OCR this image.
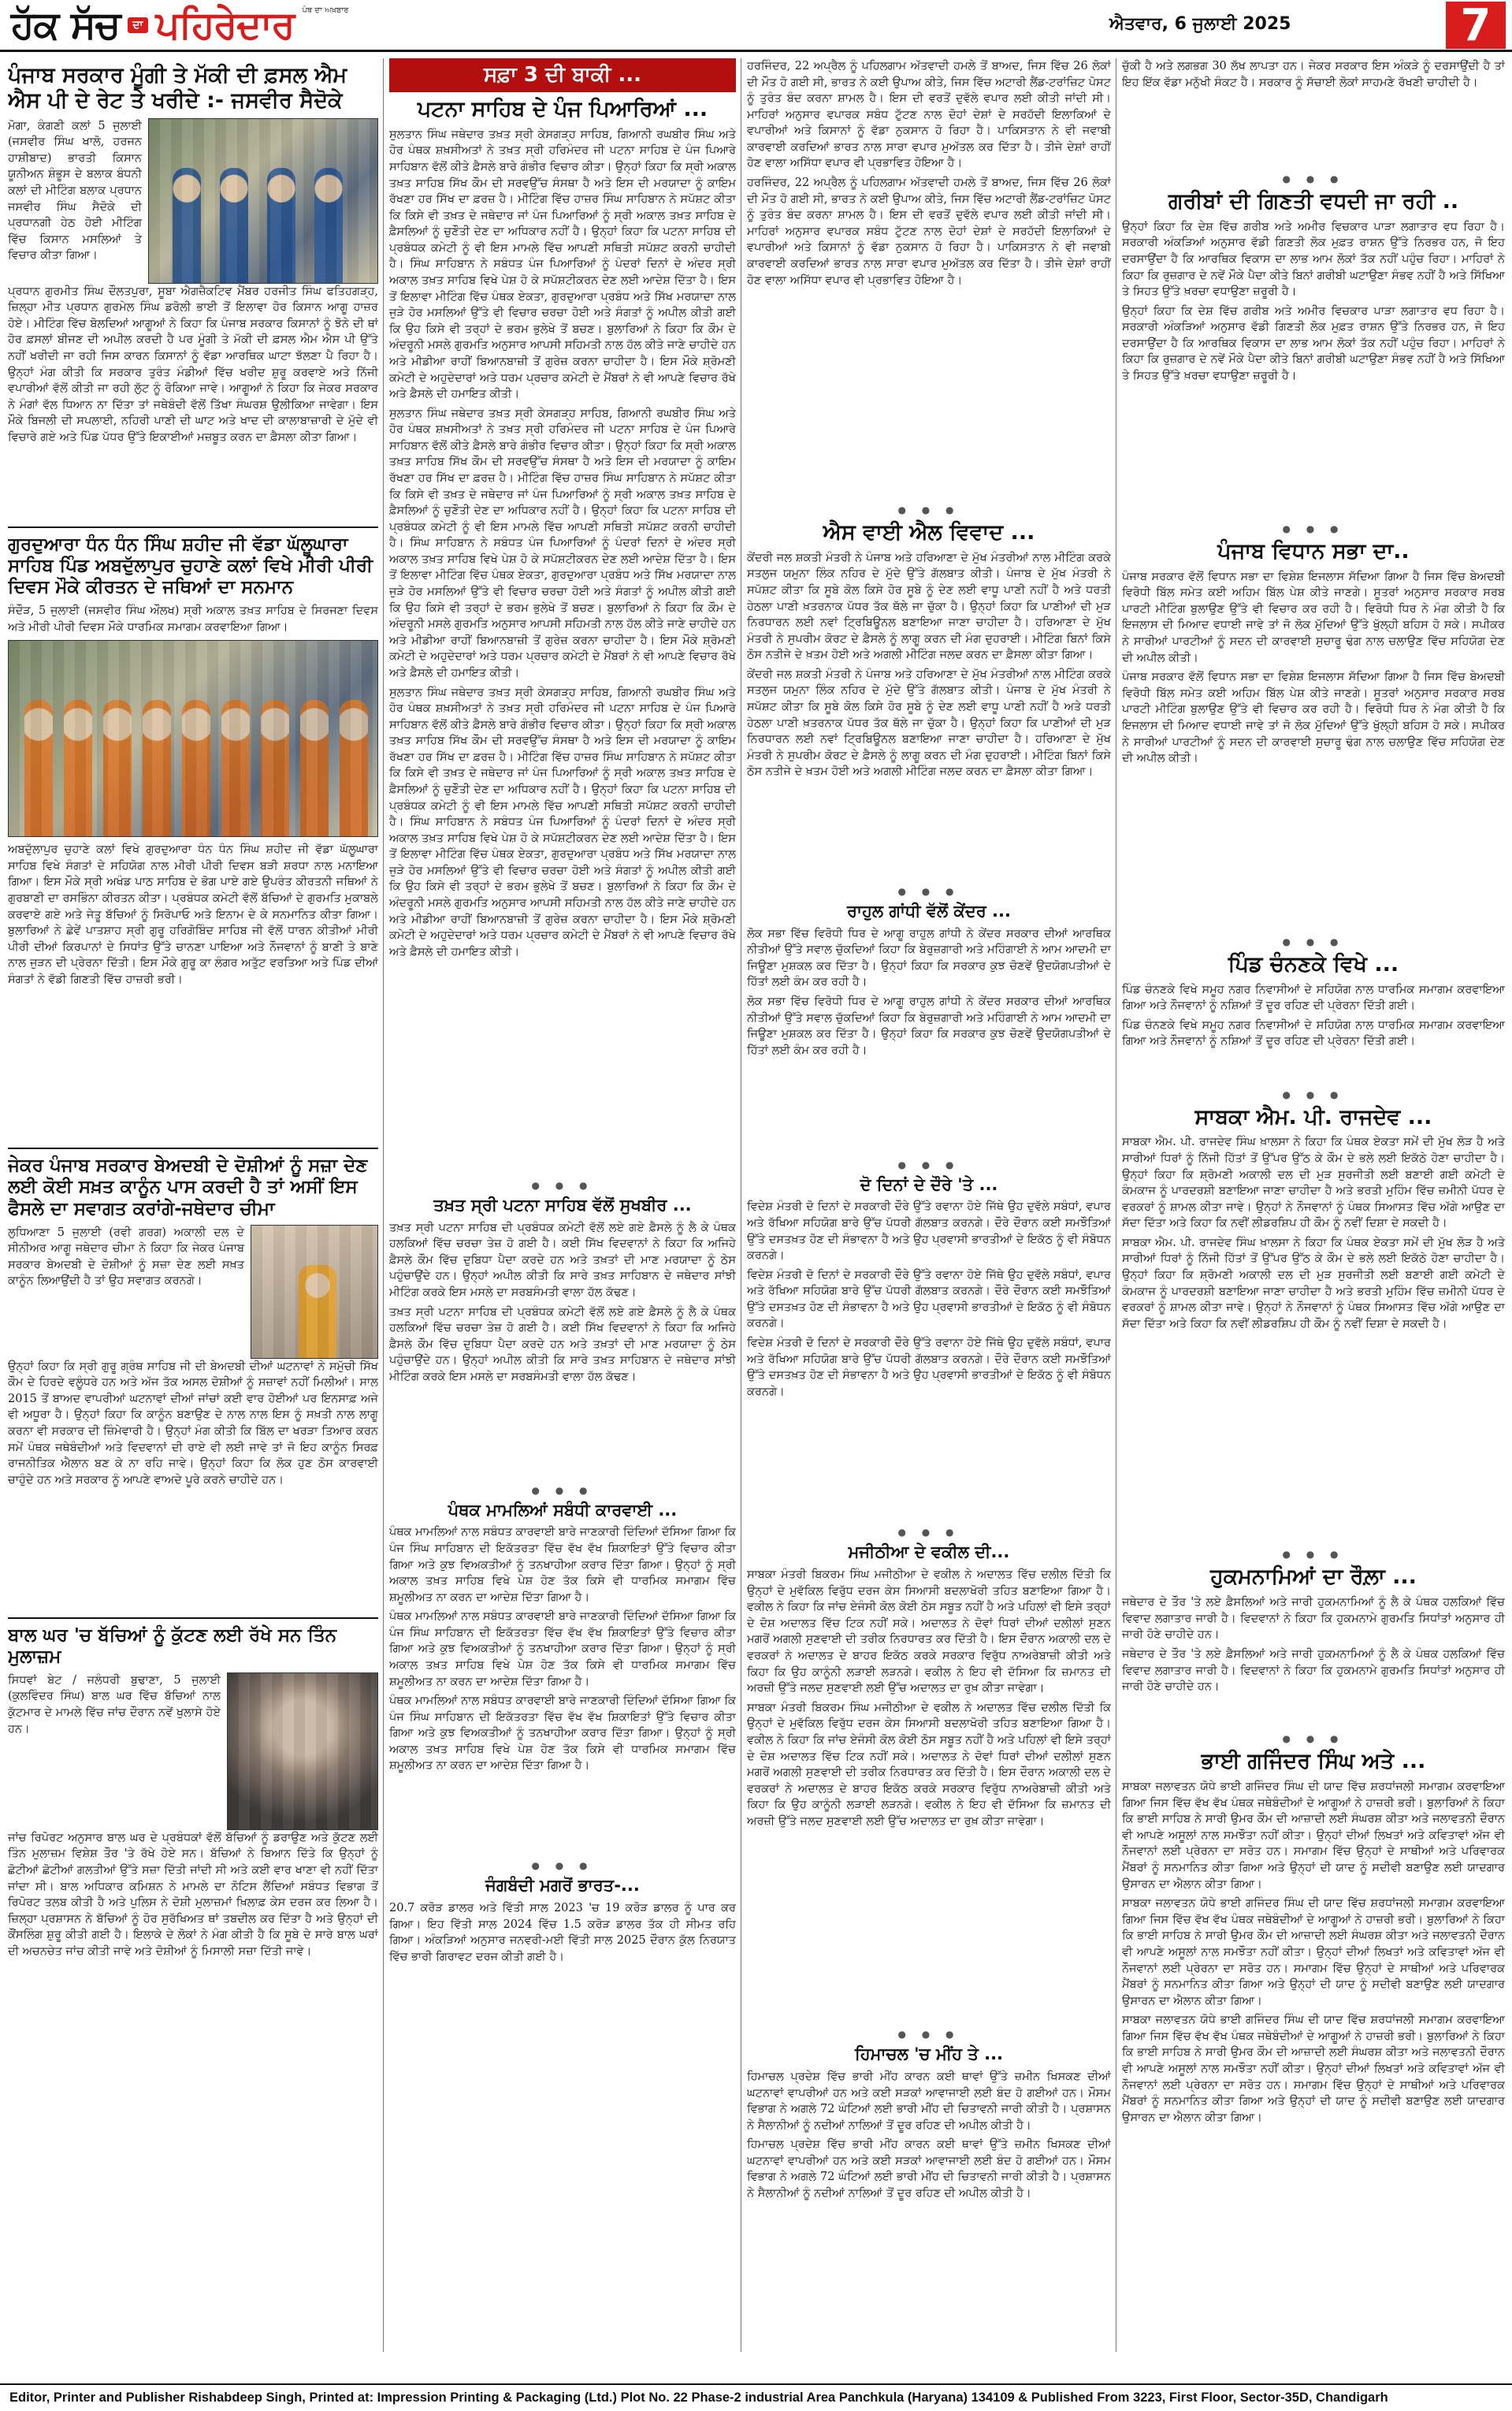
ਹੱਕ ਸੱਚ	ਦਾ ਪਹਿਰੇਦਾਰ ਪੰਥ ਦਾ ਅਖ਼ਬਾਰ
ਐਤਵਾਰ, 6 ਜੁਲਾਈ 2025	7
ਪੰਜਾਬ ਸਰਕਾਰ ਮੂੰਗੀ ਤੇ ਮੱਕੀ ਦੀ ਫ਼ਸਲ ਐਮ ਐਸ ਪੀ ਦੇ ਰੇਟ ਤੇ ਖਰੀਦੇ :- ਜਸਵੀਰ ਸੈਦੋਕੇ

ਮੋਗਾ, ਕੰਗਣੀ ਕਲਾਂ 5 ਜੁਲਾਈ (ਜਸਵੀਰ ਸਿੰਘ ਖਾਲੋ, ਹਰਜਨ ਹਾਸ਼ੀਬਾਦ) ਭਾਰਤੀ ਕਿਸਾਨ ਯੂਨੀਅਨ ਸ਼ੰਭੂਸ ਦੇ ਬਲਾਕ ਬੰਧਨੀ ਕਲਾਂ ਦੀ ਮੀਟਿੰਗ ਬਲਾਕ ਪ੍ਰਧਾਨ ਜਸਵੀਰ ਸਿੰਘ ਸੈਦੋਕੇ ਦੀ ਪ੍ਰਧਾਨਗੀ ਹੇਠ ਹੋਈ ਮੀਟਿੰਗ ਵਿੱਚ ਕਿਸਾਨ ਮਸਲਿਆਂ ਤੇ ਵਿਚਾਰ ਕੀਤਾ ਗਿਆ।

ਪ੍ਰਧਾਨ ਗੁਰਮੀਤ ਸਿੰਘ ਦੌਲਤਪੁਰਾ, ਸੂਬਾ ਐਗਜ਼ੈਕਟਿਵ ਮੈਂਬਰ ਹਰਜੀਤ ਸਿੰਘ ਫਤਿਹਗੜ੍ਹ, ਜ਼ਿਲ੍ਹਾ ਮੀਤ ਪ੍ਰਧਾਨ ਗੁਰਮੇਲ ਸਿੰਘ ਡਰੋਲੀ ਭਾਈ ਤੋਂ ਇਲਾਵਾ ਹੋਰ ਕਿਸਾਨ ਆਗੂ ਹਾਜ਼ਰ ਹੋਏ। ਮੀਟਿੰਗ ਵਿੱਚ ਬੋਲਦਿਆਂ ਆਗੂਆਂ ਨੇ ਕਿਹਾ ਕਿ ਪੰਜਾਬ ਸਰਕਾਰ ਕਿਸਾਨਾਂ ਨੂੰ ਝੋਨੇ ਦੀ ਥਾਂ ਹੋਰ ਫ਼ਸਲਾਂ ਬੀਜਣ ਦੀ ਅਪੀਲ ਕਰਦੀ ਹੈ ਪਰ ਮੂੰਗੀ ਤੇ ਮੱਕੀ ਦੀ ਫ਼ਸਲ ਐਮ ਐਸ ਪੀ ਉੱਤੇ ਨਹੀਂ ਖਰੀਦੀ ਜਾ ਰਹੀ ਜਿਸ ਕਾਰਨ ਕਿਸਾਨਾਂ ਨੂੰ ਵੱਡਾ ਆਰਥਿਕ ਘਾਟਾ ਝੱਲਣਾ ਪੈ ਰਿਹਾ ਹੈ। ਉਨ੍ਹਾਂ ਮੰਗ ਕੀਤੀ ਕਿ ਸਰਕਾਰ ਤੁਰੰਤ ਮੰਡੀਆਂ ਵਿੱਚ ਖਰੀਦ ਸ਼ੁਰੂ ਕਰਵਾਏ ਅਤੇ ਨਿੱਜੀ ਵਪਾਰੀਆਂ ਵੱਲੋਂ ਕੀਤੀ ਜਾ ਰਹੀ ਲੁੱਟ ਨੂੰ ਰੋਕਿਆ ਜਾਵੇ। ਆਗੂਆਂ ਨੇ ਕਿਹਾ ਕਿ ਜੇਕਰ ਸਰਕਾਰ ਨੇ ਮੰਗਾਂ ਵੱਲ ਧਿਆਨ ਨਾ ਦਿੱਤਾ ਤਾਂ ਜਥੇਬੰਦੀ ਵੱਲੋਂ ਤਿੱਖਾ ਸੰਘਰਸ਼ ਉਲੀਕਿਆ ਜਾਵੇਗਾ। ਇਸ ਮੌਕੇ ਬਿਜਲੀ ਦੀ ਸਪਲਾਈ, ਨਹਿਰੀ ਪਾਣੀ ਦੀ ਘਾਟ ਅਤੇ ਖਾਦ ਦੀ ਕਾਲਾਬਾਜ਼ਾਰੀ ਦੇ ਮੁੱਦੇ ਵੀ ਵਿਚਾਰੇ ਗਏ ਅਤੇ ਪਿੰਡ ਪੱਧਰ ਉੱਤੇ ਇਕਾਈਆਂ ਮਜ਼ਬੂਤ ਕਰਨ ਦਾ ਫ਼ੈਸਲਾ ਕੀਤਾ ਗਿਆ।

ਗੁਰਦੁਆਰਾ ਧੰਨ ਧੰਨ ਸਿੰਘ ਸ਼ਹੀਦ ਜੀ ਵੱਡਾ ਘੱਲੂਘਾਰਾ ਸਾਹਿਬ ਪਿੰਡ ਅਬਦੁੱਲਾਪੁਰ ਚੁਹਾਣੇ ਕਲਾਂ ਵਿਖੇ ਮੀਰੀ ਪੀਰੀ ਦਿਵਸ ਮੌਕੇ ਕੀਰਤਨ ਦੇ ਜਥਿਆਂ ਦਾ ਸਨਮਾਨ

ਸੰਦੌੜ, 5 ਜੁਲਾਈ (ਜਸਵੀਰ ਸਿੰਘ ਔਲਖ) ਸ੍ਰੀ ਅਕਾਲ ਤਖ਼ਤ ਸਾਹਿਬ ਦੇ ਸਿਰਜਣਾ ਦਿਵਸ ਅਤੇ ਮੀਰੀ ਪੀਰੀ ਦਿਵਸ ਮੌਕੇ ਧਾਰਮਿਕ ਸਮਾਗਮ ਕਰਵਾਇਆ ਗਿਆ।

ਅਬਦੁੱਲਾਪੁਰ ਚੁਹਾਣੇ ਕਲਾਂ ਵਿਖੇ ਗੁਰਦੁਆਰਾ ਧੰਨ ਧੰਨ ਸਿੰਘ ਸ਼ਹੀਦ ਜੀ ਵੱਡਾ ਘੱਲੂਘਾਰਾ ਸਾਹਿਬ ਵਿਖੇ ਸੰਗਤਾਂ ਦੇ ਸਹਿਯੋਗ ਨਾਲ ਮੀਰੀ ਪੀਰੀ ਦਿਵਸ ਬੜੀ ਸ਼ਰਧਾ ਨਾਲ ਮਨਾਇਆ ਗਿਆ। ਇਸ ਮੌਕੇ ਸ੍ਰੀ ਅਖੰਡ ਪਾਠ ਸਾਹਿਬ ਦੇ ਭੋਗ ਪਾਏ ਗਏ ਉਪਰੰਤ ਕੀਰਤਨੀ ਜਥਿਆਂ ਨੇ ਗੁਰਬਾਣੀ ਦਾ ਰਸਭਿੰਨਾ ਕੀਰਤਨ ਕੀਤਾ। ਪ੍ਰਬੰਧਕ ਕਮੇਟੀ ਵੱਲੋਂ ਬੱਚਿਆਂ ਦੇ ਗੁਰਮਤਿ ਮੁਕਾਬਲੇ ਕਰਵਾਏ ਗਏ ਅਤੇ ਜੇਤੂ ਬੱਚਿਆਂ ਨੂੰ ਸਿਰੋਪਾਓ ਅਤੇ ਇਨਾਮ ਦੇ ਕੇ ਸਨਮਾਨਿਤ ਕੀਤਾ ਗਿਆ। ਬੁਲਾਰਿਆਂ ਨੇ ਛੇਵੇਂ ਪਾਤਸ਼ਾਹ ਸ੍ਰੀ ਗੁਰੂ ਹਰਿਗੋਬਿੰਦ ਸਾਹਿਬ ਜੀ ਵੱਲੋਂ ਧਾਰਨ ਕੀਤੀਆਂ ਮੀਰੀ ਪੀਰੀ ਦੀਆਂ ਕਿਰਪਾਨਾਂ ਦੇ ਸਿਧਾਂਤ ਉੱਤੇ ਚਾਨਣਾ ਪਾਇਆ ਅਤੇ ਨੌਜਵਾਨਾਂ ਨੂੰ ਬਾਣੀ ਤੇ ਬਾਣੇ ਨਾਲ ਜੁੜਨ ਦੀ ਪ੍ਰੇਰਨਾ ਦਿੱਤੀ। ਇਸ ਮੌਕੇ ਗੁਰੂ ਕਾ ਲੰਗਰ ਅਤੁੱਟ ਵਰਤਿਆ ਅਤੇ ਪਿੰਡ ਦੀਆਂ ਸੰਗਤਾਂ ਨੇ ਵੱਡੀ ਗਿਣਤੀ ਵਿੱਚ ਹਾਜ਼ਰੀ ਭਰੀ।

ਜੇਕਰ ਪੰਜਾਬ ਸਰਕਾਰ ਬੇਅਦਬੀ ਦੇ ਦੋਸ਼ੀਆਂ ਨੂੰ ਸਜ਼ਾ ਦੇਣ ਲਈ ਕੋਈ ਸਖ਼ਤ ਕਾਨੂੰਨ ਪਾਸ ਕਰਦੀ ਹੈ ਤਾਂ ਅਸੀਂ ਇਸ ਫੈਸਲੇ ਦਾ ਸਵਾਗਤ ਕਰਾਂਗੇ-ਜਥੇਦਾਰ ਚੀਮਾ

ਲੁਧਿਆਣਾ 5 ਜੁਲਾਈ (ਰਵੀ ਗਰਗ) ਅਕਾਲੀ ਦਲ ਦੇ ਸੀਨੀਅਰ ਆਗੂ ਜਥੇਦਾਰ ਚੀਮਾ ਨੇ ਕਿਹਾ ਕਿ ਜੇਕਰ ਪੰਜਾਬ ਸਰਕਾਰ ਬੇਅਦਬੀ ਦੇ ਦੋਸ਼ੀਆਂ ਨੂੰ ਸਜ਼ਾ ਦੇਣ ਲਈ ਸਖ਼ਤ ਕਾਨੂੰਨ ਲਿਆਉਂਦੀ ਹੈ ਤਾਂ ਉਹ ਸਵਾਗਤ ਕਰਨਗੇ।

ਉਨ੍ਹਾਂ ਕਿਹਾ ਕਿ ਸ੍ਰੀ ਗੁਰੂ ਗ੍ਰੰਥ ਸਾਹਿਬ ਜੀ ਦੀ ਬੇਅਦਬੀ ਦੀਆਂ ਘਟਨਾਵਾਂ ਨੇ ਸਮੁੱਚੀ ਸਿੱਖ ਕੌਮ ਦੇ ਹਿਰਦੇ ਵਲੂੰਧਰੇ ਹਨ ਅਤੇ ਅੱਜ ਤੱਕ ਅਸਲ ਦੋਸ਼ੀਆਂ ਨੂੰ ਸਜ਼ਾਵਾਂ ਨਹੀਂ ਮਿਲੀਆਂ। ਸਾਲ 2015 ਤੋਂ ਬਾਅਦ ਵਾਪਰੀਆਂ ਘਟਨਾਵਾਂ ਦੀਆਂ ਜਾਂਚਾਂ ਕਈ ਵਾਰ ਹੋਈਆਂ ਪਰ ਇਨਸਾਫ਼ ਅਜੇ ਵੀ ਅਧੂਰਾ ਹੈ। ਉਨ੍ਹਾਂ ਕਿਹਾ ਕਿ ਕਾਨੂੰਨ ਬਣਾਉਣ ਦੇ ਨਾਲ ਨਾਲ ਇਸ ਨੂੰ ਸਖ਼ਤੀ ਨਾਲ ਲਾਗੂ ਕਰਨਾ ਵੀ ਸਰਕਾਰ ਦੀ ਜ਼ਿੰਮੇਵਾਰੀ ਹੈ। ਉਨ੍ਹਾਂ ਮੰਗ ਕੀਤੀ ਕਿ ਬਿੱਲ ਦਾ ਖਰੜਾ ਤਿਆਰ ਕਰਨ ਸਮੇਂ ਪੰਥਕ ਜਥੇਬੰਦੀਆਂ ਅਤੇ ਵਿਦਵਾਨਾਂ ਦੀ ਰਾਏ ਵੀ ਲਈ ਜਾਵੇ ਤਾਂ ਜੋ ਇਹ ਕਾਨੂੰਨ ਸਿਰਫ਼ ਰਾਜਨੀਤਿਕ ਐਲਾਨ ਬਣ ਕੇ ਨਾ ਰਹਿ ਜਾਵੇ। ਉਨ੍ਹਾਂ ਕਿਹਾ ਕਿ ਲੋਕ ਹੁਣ ਠੋਸ ਕਾਰਵਾਈ ਚਾਹੁੰਦੇ ਹਨ ਅਤੇ ਸਰਕਾਰ ਨੂੰ ਆਪਣੇ ਵਾਅਦੇ ਪੂਰੇ ਕਰਨੇ ਚਾਹੀਦੇ ਹਨ।

ਬਾਲ ਘਰ 'ਚ ਬੱਚਿਆਂ ਨੂੰ ਕੁੱਟਣ ਲਈ ਰੱਖੇ ਸਨ ਤਿੰਨ ਮੁਲਾਜ਼ਮ

ਸਿਧਵਾਂ ਬੇਟ / ਜਲੰਧਰੀ ਬੁਢਾਣਾ, 5 ਜੁਲਾਈ (ਕੁਲਵਿੰਦਰ ਸਿੰਘ) ਬਾਲ ਘਰ ਵਿੱਚ ਬੱਚਿਆਂ ਨਾਲ ਕੁੱਟਮਾਰ ਦੇ ਮਾਮਲੇ ਵਿੱਚ ਜਾਂਚ ਦੌਰਾਨ ਨਵੇਂ ਖੁਲਾਸੇ ਹੋਏ ਹਨ।

ਜਾਂਚ ਰਿਪੋਰਟ ਅਨੁਸਾਰ ਬਾਲ ਘਰ ਦੇ ਪ੍ਰਬੰਧਕਾਂ ਵੱਲੋਂ ਬੱਚਿਆਂ ਨੂੰ ਡਰਾਉਣ ਅਤੇ ਕੁੱਟਣ ਲਈ ਤਿੰਨ ਮੁਲਾਜ਼ਮ ਵਿਸ਼ੇਸ਼ ਤੌਰ 'ਤੇ ਰੱਖੇ ਹੋਏ ਸਨ। ਬੱਚਿਆਂ ਨੇ ਬਿਆਨ ਦਿੱਤੇ ਕਿ ਉਨ੍ਹਾਂ ਨੂੰ ਛੋਟੀਆਂ ਛੋਟੀਆਂ ਗਲਤੀਆਂ ਉੱਤੇ ਸਜ਼ਾ ਦਿੱਤੀ ਜਾਂਦੀ ਸੀ ਅਤੇ ਕਈ ਵਾਰ ਖਾਣਾ ਵੀ ਨਹੀਂ ਦਿੱਤਾ ਜਾਂਦਾ ਸੀ। ਬਾਲ ਅਧਿਕਾਰ ਕਮਿਸ਼ਨ ਨੇ ਮਾਮਲੇ ਦਾ ਨੋਟਿਸ ਲੈਂਦਿਆਂ ਸਬੰਧਤ ਵਿਭਾਗ ਤੋਂ ਰਿਪੋਰਟ ਤਲਬ ਕੀਤੀ ਹੈ ਅਤੇ ਪੁਲਿਸ ਨੇ ਦੋਸ਼ੀ ਮੁਲਾਜ਼ਮਾਂ ਖ਼ਿਲਾਫ਼ ਕੇਸ ਦਰਜ ਕਰ ਲਿਆ ਹੈ। ਜ਼ਿਲ੍ਹਾ ਪ੍ਰਸ਼ਾਸਨ ਨੇ ਬੱਚਿਆਂ ਨੂੰ ਹੋਰ ਸੁਰੱਖਿਅਤ ਥਾਂ ਤਬਦੀਲ ਕਰ ਦਿੱਤਾ ਹੈ ਅਤੇ ਉਨ੍ਹਾਂ ਦੀ ਕੌਂਸਲਿੰਗ ਸ਼ੁਰੂ ਕੀਤੀ ਗਈ ਹੈ। ਇਲਾਕੇ ਦੇ ਲੋਕਾਂ ਨੇ ਮੰਗ ਕੀਤੀ ਹੈ ਕਿ ਸੂਬੇ ਦੇ ਸਾਰੇ ਬਾਲ ਘਰਾਂ ਦੀ ਅਚਨਚੇਤ ਜਾਂਚ ਕੀਤੀ ਜਾਵੇ ਅਤੇ ਦੋਸ਼ੀਆਂ ਨੂੰ ਮਿਸਾਲੀ ਸਜ਼ਾ ਦਿੱਤੀ ਜਾਵੇ।

ਸਫ਼ਾ 3 ਦੀ ਬਾਕੀ ...
ਪਟਨਾ ਸਾਹਿਬ ਦੇ ਪੰਜ ਪਿਆਰਿਆਂ ...

ਸੁਲਤਾਨ ਸਿੰਘ ਜਥੇਦਾਰ ਤਖ਼ਤ ਸ੍ਰੀ ਕੇਸਗੜ੍ਹ ਸਾਹਿਬ, ਗਿਆਨੀ ਰਘਬੀਰ ਸਿੰਘ ਅਤੇ ਹੋਰ ਪੰਥਕ ਸ਼ਖ਼ਸੀਅਤਾਂ ਨੇ ਤਖ਼ਤ ਸ੍ਰੀ ਹਰਿਮੰਦਰ ਜੀ ਪਟਨਾ ਸਾਹਿਬ ਦੇ ਪੰਜ ਪਿਆਰੇ ਸਾਹਿਬਾਨ ਵੱਲੋਂ ਕੀਤੇ ਫ਼ੈਸਲੇ ਬਾਰੇ ਗੰਭੀਰ ਵਿਚਾਰ ਕੀਤਾ। ਉਨ੍ਹਾਂ ਕਿਹਾ ਕਿ ਸ੍ਰੀ ਅਕਾਲ ਤਖ਼ਤ ਸਾਹਿਬ ਸਿੱਖ ਕੌਮ ਦੀ ਸਰਵਉੱਚ ਸੰਸਥਾ ਹੈ ਅਤੇ ਇਸ ਦੀ ਮਰਯਾਦਾ ਨੂੰ ਕਾਇਮ ਰੱਖਣਾ ਹਰ ਸਿੱਖ ਦਾ ਫ਼ਰਜ਼ ਹੈ। ਮੀਟਿੰਗ ਵਿੱਚ ਹਾਜ਼ਰ ਸਿੰਘ ਸਾਹਿਬਾਨ ਨੇ ਸਪੱਸ਼ਟ ਕੀਤਾ ਕਿ ਕਿਸੇ ਵੀ ਤਖ਼ਤ ਦੇ ਜਥੇਦਾਰ ਜਾਂ ਪੰਜ ਪਿਆਰਿਆਂ ਨੂੰ ਸ੍ਰੀ ਅਕਾਲ ਤਖ਼ਤ ਸਾਹਿਬ ਦੇ ਫ਼ੈਸਲਿਆਂ ਨੂੰ ਚੁਣੌਤੀ ਦੇਣ ਦਾ ਅਧਿਕਾਰ ਨਹੀਂ ਹੈ। ਉਨ੍ਹਾਂ ਕਿਹਾ ਕਿ ਪਟਨਾ ਸਾਹਿਬ ਦੀ ਪ੍ਰਬੰਧਕ ਕਮੇਟੀ ਨੂੰ ਵੀ ਇਸ ਮਾਮਲੇ ਵਿੱਚ ਆਪਣੀ ਸਥਿਤੀ ਸਪੱਸ਼ਟ ਕਰਨੀ ਚਾਹੀਦੀ ਹੈ। ਸਿੰਘ ਸਾਹਿਬਾਨ ਨੇ ਸਬੰਧਤ ਪੰਜ ਪਿਆਰਿਆਂ ਨੂੰ ਪੰਦਰਾਂ ਦਿਨਾਂ ਦੇ ਅੰਦਰ ਸ੍ਰੀ ਅਕਾਲ ਤਖ਼ਤ ਸਾਹਿਬ ਵਿਖੇ ਪੇਸ਼ ਹੋ ਕੇ ਸਪੱਸ਼ਟੀਕਰਨ ਦੇਣ ਲਈ ਆਦੇਸ਼ ਦਿੱਤਾ ਹੈ। ਇਸ ਤੋਂ ਇਲਾਵਾ ਮੀਟਿੰਗ ਵਿੱਚ ਪੰਥਕ ਏਕਤਾ, ਗੁਰਦੁਆਰਾ ਪ੍ਰਬੰਧ ਅਤੇ ਸਿੱਖ ਮਰਯਾਦਾ ਨਾਲ ਜੁੜੇ ਹੋਰ ਮਸਲਿਆਂ ਉੱਤੇ ਵੀ ਵਿਚਾਰ ਚਰਚਾ ਹੋਈ ਅਤੇ ਸੰਗਤਾਂ ਨੂੰ ਅਪੀਲ ਕੀਤੀ ਗਈ ਕਿ ਉਹ ਕਿਸੇ ਵੀ ਤਰ੍ਹਾਂ ਦੇ ਭਰਮ ਭੁਲੇਖੇ ਤੋਂ ਬਚਣ। ਬੁਲਾਰਿਆਂ ਨੇ ਕਿਹਾ ਕਿ ਕੌਮ ਦੇ ਅੰਦਰੂਨੀ ਮਸਲੇ ਗੁਰਮਤਿ ਅਨੁਸਾਰ ਆਪਸੀ ਸਹਿਮਤੀ ਨਾਲ ਹੱਲ ਕੀਤੇ ਜਾਣੇ ਚਾਹੀਦੇ ਹਨ ਅਤੇ ਮੀਡੀਆ ਰਾਹੀਂ ਬਿਆਨਬਾਜ਼ੀ ਤੋਂ ਗੁਰੇਜ਼ ਕਰਨਾ ਚਾਹੀਦਾ ਹੈ। ਇਸ ਮੌਕੇ ਸ਼੍ਰੋਮਣੀ ਕਮੇਟੀ ਦੇ ਅਹੁਦੇਦਾਰਾਂ ਅਤੇ ਧਰਮ ਪ੍ਰਚਾਰ ਕਮੇਟੀ ਦੇ ਮੈਂਬਰਾਂ ਨੇ ਵੀ ਆਪਣੇ ਵਿਚਾਰ ਰੱਖੇ ਅਤੇ ਫ਼ੈਸਲੇ ਦੀ ਹਮਾਇਤ ਕੀਤੀ।

ਸੁਲਤਾਨ ਸਿੰਘ ਜਥੇਦਾਰ ਤਖ਼ਤ ਸ੍ਰੀ ਕੇਸਗੜ੍ਹ ਸਾਹਿਬ, ਗਿਆਨੀ ਰਘਬੀਰ ਸਿੰਘ ਅਤੇ ਹੋਰ ਪੰਥਕ ਸ਼ਖ਼ਸੀਅਤਾਂ ਨੇ ਤਖ਼ਤ ਸ੍ਰੀ ਹਰਿਮੰਦਰ ਜੀ ਪਟਨਾ ਸਾਹਿਬ ਦੇ ਪੰਜ ਪਿਆਰੇ ਸਾਹਿਬਾਨ ਵੱਲੋਂ ਕੀਤੇ ਫ਼ੈਸਲੇ ਬਾਰੇ ਗੰਭੀਰ ਵਿਚਾਰ ਕੀਤਾ। ਉਨ੍ਹਾਂ ਕਿਹਾ ਕਿ ਸ੍ਰੀ ਅਕਾਲ ਤਖ਼ਤ ਸਾਹਿਬ ਸਿੱਖ ਕੌਮ ਦੀ ਸਰਵਉੱਚ ਸੰਸਥਾ ਹੈ ਅਤੇ ਇਸ ਦੀ ਮਰਯਾਦਾ ਨੂੰ ਕਾਇਮ ਰੱਖਣਾ ਹਰ ਸਿੱਖ ਦਾ ਫ਼ਰਜ਼ ਹੈ। ਮੀਟਿੰਗ ਵਿੱਚ ਹਾਜ਼ਰ ਸਿੰਘ ਸਾਹਿਬਾਨ ਨੇ ਸਪੱਸ਼ਟ ਕੀਤਾ ਕਿ ਕਿਸੇ ਵੀ ਤਖ਼ਤ ਦੇ ਜਥੇਦਾਰ ਜਾਂ ਪੰਜ ਪਿਆਰਿਆਂ ਨੂੰ ਸ੍ਰੀ ਅਕਾਲ ਤਖ਼ਤ ਸਾਹਿਬ ਦੇ ਫ਼ੈਸਲਿਆਂ ਨੂੰ ਚੁਣੌਤੀ ਦੇਣ ਦਾ ਅਧਿਕਾਰ ਨਹੀਂ ਹੈ। ਉਨ੍ਹਾਂ ਕਿਹਾ ਕਿ ਪਟਨਾ ਸਾਹਿਬ ਦੀ ਪ੍ਰਬੰਧਕ ਕਮੇਟੀ ਨੂੰ ਵੀ ਇਸ ਮਾਮਲੇ ਵਿੱਚ ਆਪਣੀ ਸਥਿਤੀ ਸਪੱਸ਼ਟ ਕਰਨੀ ਚਾਹੀਦੀ ਹੈ। ਸਿੰਘ ਸਾਹਿਬਾਨ ਨੇ ਸਬੰਧਤ ਪੰਜ ਪਿਆਰਿਆਂ ਨੂੰ ਪੰਦਰਾਂ ਦਿਨਾਂ ਦੇ ਅੰਦਰ ਸ੍ਰੀ ਅਕਾਲ ਤਖ਼ਤ ਸਾਹਿਬ ਵਿਖੇ ਪੇਸ਼ ਹੋ ਕੇ ਸਪੱਸ਼ਟੀਕਰਨ ਦੇਣ ਲਈ ਆਦੇਸ਼ ਦਿੱਤਾ ਹੈ। ਇਸ ਤੋਂ ਇਲਾਵਾ ਮੀਟਿੰਗ ਵਿੱਚ ਪੰਥਕ ਏਕਤਾ, ਗੁਰਦੁਆਰਾ ਪ੍ਰਬੰਧ ਅਤੇ ਸਿੱਖ ਮਰਯਾਦਾ ਨਾਲ ਜੁੜੇ ਹੋਰ ਮਸਲਿਆਂ ਉੱਤੇ ਵੀ ਵਿਚਾਰ ਚਰਚਾ ਹੋਈ ਅਤੇ ਸੰਗਤਾਂ ਨੂੰ ਅਪੀਲ ਕੀਤੀ ਗਈ ਕਿ ਉਹ ਕਿਸੇ ਵੀ ਤਰ੍ਹਾਂ ਦੇ ਭਰਮ ਭੁਲੇਖੇ ਤੋਂ ਬਚਣ। ਬੁਲਾਰਿਆਂ ਨੇ ਕਿਹਾ ਕਿ ਕੌਮ ਦੇ ਅੰਦਰੂਨੀ ਮਸਲੇ ਗੁਰਮਤਿ ਅਨੁਸਾਰ ਆਪਸੀ ਸਹਿਮਤੀ ਨਾਲ ਹੱਲ ਕੀਤੇ ਜਾਣੇ ਚਾਹੀਦੇ ਹਨ ਅਤੇ ਮੀਡੀਆ ਰਾਹੀਂ ਬਿਆਨਬਾਜ਼ੀ ਤੋਂ ਗੁਰੇਜ਼ ਕਰਨਾ ਚਾਹੀਦਾ ਹੈ। ਇਸ ਮੌਕੇ ਸ਼੍ਰੋਮਣੀ ਕਮੇਟੀ ਦੇ ਅਹੁਦੇਦਾਰਾਂ ਅਤੇ ਧਰਮ ਪ੍ਰਚਾਰ ਕਮੇਟੀ ਦੇ ਮੈਂਬਰਾਂ ਨੇ ਵੀ ਆਪਣੇ ਵਿਚਾਰ ਰੱਖੇ ਅਤੇ ਫ਼ੈਸਲੇ ਦੀ ਹਮਾਇਤ ਕੀਤੀ।

ਸੁਲਤਾਨ ਸਿੰਘ ਜਥੇਦਾਰ ਤਖ਼ਤ ਸ੍ਰੀ ਕੇਸਗੜ੍ਹ ਸਾਹਿਬ, ਗਿਆਨੀ ਰਘਬੀਰ ਸਿੰਘ ਅਤੇ ਹੋਰ ਪੰਥਕ ਸ਼ਖ਼ਸੀਅਤਾਂ ਨੇ ਤਖ਼ਤ ਸ੍ਰੀ ਹਰਿਮੰਦਰ ਜੀ ਪਟਨਾ ਸਾਹਿਬ ਦੇ ਪੰਜ ਪਿਆਰੇ ਸਾਹਿਬਾਨ ਵੱਲੋਂ ਕੀਤੇ ਫ਼ੈਸਲੇ ਬਾਰੇ ਗੰਭੀਰ ਵਿਚਾਰ ਕੀਤਾ। ਉਨ੍ਹਾਂ ਕਿਹਾ ਕਿ ਸ੍ਰੀ ਅਕਾਲ ਤਖ਼ਤ ਸਾਹਿਬ ਸਿੱਖ ਕੌਮ ਦੀ ਸਰਵਉੱਚ ਸੰਸਥਾ ਹੈ ਅਤੇ ਇਸ ਦੀ ਮਰਯਾਦਾ ਨੂੰ ਕਾਇਮ ਰੱਖਣਾ ਹਰ ਸਿੱਖ ਦਾ ਫ਼ਰਜ਼ ਹੈ। ਮੀਟਿੰਗ ਵਿੱਚ ਹਾਜ਼ਰ ਸਿੰਘ ਸਾਹਿਬਾਨ ਨੇ ਸਪੱਸ਼ਟ ਕੀਤਾ ਕਿ ਕਿਸੇ ਵੀ ਤਖ਼ਤ ਦੇ ਜਥੇਦਾਰ ਜਾਂ ਪੰਜ ਪਿਆਰਿਆਂ ਨੂੰ ਸ੍ਰੀ ਅਕਾਲ ਤਖ਼ਤ ਸਾਹਿਬ ਦੇ ਫ਼ੈਸਲਿਆਂ ਨੂੰ ਚੁਣੌਤੀ ਦੇਣ ਦਾ ਅਧਿਕਾਰ ਨਹੀਂ ਹੈ। ਉਨ੍ਹਾਂ ਕਿਹਾ ਕਿ ਪਟਨਾ ਸਾਹਿਬ ਦੀ ਪ੍ਰਬੰਧਕ ਕਮੇਟੀ ਨੂੰ ਵੀ ਇਸ ਮਾਮਲੇ ਵਿੱਚ ਆਪਣੀ ਸਥਿਤੀ ਸਪੱਸ਼ਟ ਕਰਨੀ ਚਾਹੀਦੀ ਹੈ। ਸਿੰਘ ਸਾਹਿਬਾਨ ਨੇ ਸਬੰਧਤ ਪੰਜ ਪਿਆਰਿਆਂ ਨੂੰ ਪੰਦਰਾਂ ਦਿਨਾਂ ਦੇ ਅੰਦਰ ਸ੍ਰੀ ਅਕਾਲ ਤਖ਼ਤ ਸਾਹਿਬ ਵਿਖੇ ਪੇਸ਼ ਹੋ ਕੇ ਸਪੱਸ਼ਟੀਕਰਨ ਦੇਣ ਲਈ ਆਦੇਸ਼ ਦਿੱਤਾ ਹੈ। ਇਸ ਤੋਂ ਇਲਾਵਾ ਮੀਟਿੰਗ ਵਿੱਚ ਪੰਥਕ ਏਕਤਾ, ਗੁਰਦੁਆਰਾ ਪ੍ਰਬੰਧ ਅਤੇ ਸਿੱਖ ਮਰਯਾਦਾ ਨਾਲ ਜੁੜੇ ਹੋਰ ਮਸਲਿਆਂ ਉੱਤੇ ਵੀ ਵਿਚਾਰ ਚਰਚਾ ਹੋਈ ਅਤੇ ਸੰਗਤਾਂ ਨੂੰ ਅਪੀਲ ਕੀਤੀ ਗਈ ਕਿ ਉਹ ਕਿਸੇ ਵੀ ਤਰ੍ਹਾਂ ਦੇ ਭਰਮ ਭੁਲੇਖੇ ਤੋਂ ਬਚਣ। ਬੁਲਾਰਿਆਂ ਨੇ ਕਿਹਾ ਕਿ ਕੌਮ ਦੇ ਅੰਦਰੂਨੀ ਮਸਲੇ ਗੁਰਮਤਿ ਅਨੁਸਾਰ ਆਪਸੀ ਸਹਿਮਤੀ ਨਾਲ ਹੱਲ ਕੀਤੇ ਜਾਣੇ ਚਾਹੀਦੇ ਹਨ ਅਤੇ ਮੀਡੀਆ ਰਾਹੀਂ ਬਿਆਨਬਾਜ਼ੀ ਤੋਂ ਗੁਰੇਜ਼ ਕਰਨਾ ਚਾਹੀਦਾ ਹੈ। ਇਸ ਮੌਕੇ ਸ਼੍ਰੋਮਣੀ ਕਮੇਟੀ ਦੇ ਅਹੁਦੇਦਾਰਾਂ ਅਤੇ ਧਰਮ ਪ੍ਰਚਾਰ ਕਮੇਟੀ ਦੇ ਮੈਂਬਰਾਂ ਨੇ ਵੀ ਆਪਣੇ ਵਿਚਾਰ ਰੱਖੇ ਅਤੇ ਫ਼ੈਸਲੇ ਦੀ ਹਮਾਇਤ ਕੀਤੀ।

● ● ●
ਤਖ਼ਤ ਸ੍ਰੀ ਪਟਨਾ ਸਾਹਿਬ ਵੱਲੋਂ ਸੁਖਬੀਰ ...

ਤਖ਼ਤ ਸ੍ਰੀ ਪਟਨਾ ਸਾਹਿਬ ਦੀ ਪ੍ਰਬੰਧਕ ਕਮੇਟੀ ਵੱਲੋਂ ਲਏ ਗਏ ਫ਼ੈਸਲੇ ਨੂੰ ਲੈ ਕੇ ਪੰਥਕ ਹਲਕਿਆਂ ਵਿੱਚ ਚਰਚਾ ਤੇਜ਼ ਹੋ ਗਈ ਹੈ। ਕਈ ਸਿੱਖ ਵਿਦਵਾਨਾਂ ਨੇ ਕਿਹਾ ਕਿ ਅਜਿਹੇ ਫ਼ੈਸਲੇ ਕੌਮ ਵਿੱਚ ਦੁਬਿਧਾ ਪੈਦਾ ਕਰਦੇ ਹਨ ਅਤੇ ਤਖ਼ਤਾਂ ਦੀ ਮਾਣ ਮਰਯਾਦਾ ਨੂੰ ਠੇਸ ਪਹੁੰਚਾਉਂਦੇ ਹਨ। ਉਨ੍ਹਾਂ ਅਪੀਲ ਕੀਤੀ ਕਿ ਸਾਰੇ ਤਖ਼ਤ ਸਾਹਿਬਾਨ ਦੇ ਜਥੇਦਾਰ ਸਾਂਝੀ ਮੀਟਿੰਗ ਕਰਕੇ ਇਸ ਮਸਲੇ ਦਾ ਸਰਬਸੰਮਤੀ ਵਾਲਾ ਹੱਲ ਕੱਢਣ।

ਤਖ਼ਤ ਸ੍ਰੀ ਪਟਨਾ ਸਾਹਿਬ ਦੀ ਪ੍ਰਬੰਧਕ ਕਮੇਟੀ ਵੱਲੋਂ ਲਏ ਗਏ ਫ਼ੈਸਲੇ ਨੂੰ ਲੈ ਕੇ ਪੰਥਕ ਹਲਕਿਆਂ ਵਿੱਚ ਚਰਚਾ ਤੇਜ਼ ਹੋ ਗਈ ਹੈ। ਕਈ ਸਿੱਖ ਵਿਦਵਾਨਾਂ ਨੇ ਕਿਹਾ ਕਿ ਅਜਿਹੇ ਫ਼ੈਸਲੇ ਕੌਮ ਵਿੱਚ ਦੁਬਿਧਾ ਪੈਦਾ ਕਰਦੇ ਹਨ ਅਤੇ ਤਖ਼ਤਾਂ ਦੀ ਮਾਣ ਮਰਯਾਦਾ ਨੂੰ ਠੇਸ ਪਹੁੰਚਾਉਂਦੇ ਹਨ। ਉਨ੍ਹਾਂ ਅਪੀਲ ਕੀਤੀ ਕਿ ਸਾਰੇ ਤਖ਼ਤ ਸਾਹਿਬਾਨ ਦੇ ਜਥੇਦਾਰ ਸਾਂਝੀ ਮੀਟਿੰਗ ਕਰਕੇ ਇਸ ਮਸਲੇ ਦਾ ਸਰਬਸੰਮਤੀ ਵਾਲਾ ਹੱਲ ਕੱਢਣ।

● ● ●
ਪੰਥਕ ਮਾਮਲਿਆਂ ਸਬੰਧੀ ਕਾਰਵਾਈ ...

ਪੰਥਕ ਮਾਮਲਿਆਂ ਨਾਲ ਸਬੰਧਤ ਕਾਰਵਾਈ ਬਾਰੇ ਜਾਣਕਾਰੀ ਦਿੰਦਿਆਂ ਦੱਸਿਆ ਗਿਆ ਕਿ ਪੰਜ ਸਿੰਘ ਸਾਹਿਬਾਨ ਦੀ ਇਕੱਤਰਤਾ ਵਿੱਚ ਵੱਖ ਵੱਖ ਸ਼ਿਕਾਇਤਾਂ ਉੱਤੇ ਵਿਚਾਰ ਕੀਤਾ ਗਿਆ ਅਤੇ ਕੁਝ ਵਿਅਕਤੀਆਂ ਨੂੰ ਤਨਖਾਹੀਆ ਕਰਾਰ ਦਿੱਤਾ ਗਿਆ। ਉਨ੍ਹਾਂ ਨੂੰ ਸ੍ਰੀ ਅਕਾਲ ਤਖ਼ਤ ਸਾਹਿਬ ਵਿਖੇ ਪੇਸ਼ ਹੋਣ ਤੱਕ ਕਿਸੇ ਵੀ ਧਾਰਮਿਕ ਸਮਾਗਮ ਵਿੱਚ ਸ਼ਮੂਲੀਅਤ ਨਾ ਕਰਨ ਦਾ ਆਦੇਸ਼ ਦਿੱਤਾ ਗਿਆ ਹੈ।

ਪੰਥਕ ਮਾਮਲਿਆਂ ਨਾਲ ਸਬੰਧਤ ਕਾਰਵਾਈ ਬਾਰੇ ਜਾਣਕਾਰੀ ਦਿੰਦਿਆਂ ਦੱਸਿਆ ਗਿਆ ਕਿ ਪੰਜ ਸਿੰਘ ਸਾਹਿਬਾਨ ਦੀ ਇਕੱਤਰਤਾ ਵਿੱਚ ਵੱਖ ਵੱਖ ਸ਼ਿਕਾਇਤਾਂ ਉੱਤੇ ਵਿਚਾਰ ਕੀਤਾ ਗਿਆ ਅਤੇ ਕੁਝ ਵਿਅਕਤੀਆਂ ਨੂੰ ਤਨਖਾਹੀਆ ਕਰਾਰ ਦਿੱਤਾ ਗਿਆ। ਉਨ੍ਹਾਂ ਨੂੰ ਸ੍ਰੀ ਅਕਾਲ ਤਖ਼ਤ ਸਾਹਿਬ ਵਿਖੇ ਪੇਸ਼ ਹੋਣ ਤੱਕ ਕਿਸੇ ਵੀ ਧਾਰਮਿਕ ਸਮਾਗਮ ਵਿੱਚ ਸ਼ਮੂਲੀਅਤ ਨਾ ਕਰਨ ਦਾ ਆਦੇਸ਼ ਦਿੱਤਾ ਗਿਆ ਹੈ।

ਪੰਥਕ ਮਾਮਲਿਆਂ ਨਾਲ ਸਬੰਧਤ ਕਾਰਵਾਈ ਬਾਰੇ ਜਾਣਕਾਰੀ ਦਿੰਦਿਆਂ ਦੱਸਿਆ ਗਿਆ ਕਿ ਪੰਜ ਸਿੰਘ ਸਾਹਿਬਾਨ ਦੀ ਇਕੱਤਰਤਾ ਵਿੱਚ ਵੱਖ ਵੱਖ ਸ਼ਿਕਾਇਤਾਂ ਉੱਤੇ ਵਿਚਾਰ ਕੀਤਾ ਗਿਆ ਅਤੇ ਕੁਝ ਵਿਅਕਤੀਆਂ ਨੂੰ ਤਨਖਾਹੀਆ ਕਰਾਰ ਦਿੱਤਾ ਗਿਆ। ਉਨ੍ਹਾਂ ਨੂੰ ਸ੍ਰੀ ਅਕਾਲ ਤਖ਼ਤ ਸਾਹਿਬ ਵਿਖੇ ਪੇਸ਼ ਹੋਣ ਤੱਕ ਕਿਸੇ ਵੀ ਧਾਰਮਿਕ ਸਮਾਗਮ ਵਿੱਚ ਸ਼ਮੂਲੀਅਤ ਨਾ ਕਰਨ ਦਾ ਆਦੇਸ਼ ਦਿੱਤਾ ਗਿਆ ਹੈ।

● ● ●
ਜੰਗਬੰਦੀ ਮਗਰੋਂ ਭਾਰਤ-...

20.7 ਕਰੋੜ ਡਾਲਰ ਅਤੇ ਵਿੱਤੀ ਸਾਲ 2023 'ਚ 19 ਕਰੋੜ ਡਾਲਰ ਨੂੰ ਪਾਰ ਕਰ ਗਿਆ। ਇਹ ਵਿੱਤੀ ਸਾਲ 2024 ਵਿੱਚ 1.5 ਕਰੋੜ ਡਾਲਰ ਤੱਕ ਹੀ ਸੀਮਤ ਰਹਿ ਗਿਆ। ਅੰਕੜਿਆਂ ਅਨੁਸਾਰ ਜਨਵਰੀ-ਮਈ ਵਿੱਤੀ ਸਾਲ 2025 ਦੌਰਾਨ ਕੁੱਲ ਨਿਰਯਾਤ ਵਿੱਚ ਭਾਰੀ ਗਿਰਾਵਟ ਦਰਜ ਕੀਤੀ ਗਈ ਹੈ।

ਹਰਜਿੰਦਰ, 22 ਅਪ੍ਰੈਲ ਨੂੰ ਪਹਿਲਗਾਮ ਅੱਤਵਾਦੀ ਹਮਲੇ ਤੋਂ ਬਾਅਦ, ਜਿਸ ਵਿੱਚ 26 ਲੋਕਾਂ ਦੀ ਮੌਤ ਹੋ ਗਈ ਸੀ, ਭਾਰਤ ਨੇ ਕਈ ਉਪਾਅ ਕੀਤੇ, ਜਿਸ ਵਿੱਚ ਅਟਾਰੀ ਲੈਂਡ-ਟਰਾਂਜ਼ਿਟ ਪੋਸਟ ਨੂੰ ਤੁਰੰਤ ਬੰਦ ਕਰਨਾ ਸ਼ਾਮਲ ਹੈ। ਇਸ ਦੀ ਵਰਤੋਂ ਦੁਵੱਲੇ ਵਪਾਰ ਲਈ ਕੀਤੀ ਜਾਂਦੀ ਸੀ। ਮਾਹਿਰਾਂ ਅਨੁਸਾਰ ਵਪਾਰਕ ਸਬੰਧ ਟੁੱਟਣ ਨਾਲ ਦੋਹਾਂ ਦੇਸ਼ਾਂ ਦੇ ਸਰਹੱਦੀ ਇਲਾਕਿਆਂ ਦੇ ਵਪਾਰੀਆਂ ਅਤੇ ਕਿਸਾਨਾਂ ਨੂੰ ਵੱਡਾ ਨੁਕਸਾਨ ਹੋ ਰਿਹਾ ਹੈ। ਪਾਕਿਸਤਾਨ ਨੇ ਵੀ ਜਵਾਬੀ ਕਾਰਵਾਈ ਕਰਦਿਆਂ ਭਾਰਤ ਨਾਲ ਸਾਰਾ ਵਪਾਰ ਮੁਅੱਤਲ ਕਰ ਦਿੱਤਾ ਹੈ। ਤੀਜੇ ਦੇਸ਼ਾਂ ਰਾਹੀਂ ਹੋਣ ਵਾਲਾ ਅਸਿੱਧਾ ਵਪਾਰ ਵੀ ਪ੍ਰਭਾਵਿਤ ਹੋਇਆ ਹੈ।

ਹਰਜਿੰਦਰ, 22 ਅਪ੍ਰੈਲ ਨੂੰ ਪਹਿਲਗਾਮ ਅੱਤਵਾਦੀ ਹਮਲੇ ਤੋਂ ਬਾਅਦ, ਜਿਸ ਵਿੱਚ 26 ਲੋਕਾਂ ਦੀ ਮੌਤ ਹੋ ਗਈ ਸੀ, ਭਾਰਤ ਨੇ ਕਈ ਉਪਾਅ ਕੀਤੇ, ਜਿਸ ਵਿੱਚ ਅਟਾਰੀ ਲੈਂਡ-ਟਰਾਂਜ਼ਿਟ ਪੋਸਟ ਨੂੰ ਤੁਰੰਤ ਬੰਦ ਕਰਨਾ ਸ਼ਾਮਲ ਹੈ। ਇਸ ਦੀ ਵਰਤੋਂ ਦੁਵੱਲੇ ਵਪਾਰ ਲਈ ਕੀਤੀ ਜਾਂਦੀ ਸੀ। ਮਾਹਿਰਾਂ ਅਨੁਸਾਰ ਵਪਾਰਕ ਸਬੰਧ ਟੁੱਟਣ ਨਾਲ ਦੋਹਾਂ ਦੇਸ਼ਾਂ ਦੇ ਸਰਹੱਦੀ ਇਲਾਕਿਆਂ ਦੇ ਵਪਾਰੀਆਂ ਅਤੇ ਕਿਸਾਨਾਂ ਨੂੰ ਵੱਡਾ ਨੁਕਸਾਨ ਹੋ ਰਿਹਾ ਹੈ। ਪਾਕਿਸਤਾਨ ਨੇ ਵੀ ਜਵਾਬੀ ਕਾਰਵਾਈ ਕਰਦਿਆਂ ਭਾਰਤ ਨਾਲ ਸਾਰਾ ਵਪਾਰ ਮੁਅੱਤਲ ਕਰ ਦਿੱਤਾ ਹੈ। ਤੀਜੇ ਦੇਸ਼ਾਂ ਰਾਹੀਂ ਹੋਣ ਵਾਲਾ ਅਸਿੱਧਾ ਵਪਾਰ ਵੀ ਪ੍ਰਭਾਵਿਤ ਹੋਇਆ ਹੈ।

● ● ●
ਐਸ ਵਾਈ ਐਲ ਵਿਵਾਦ ...

ਕੇਂਦਰੀ ਜਲ ਸ਼ਕਤੀ ਮੰਤਰੀ ਨੇ ਪੰਜਾਬ ਅਤੇ ਹਰਿਆਣਾ ਦੇ ਮੁੱਖ ਮੰਤਰੀਆਂ ਨਾਲ ਮੀਟਿੰਗ ਕਰਕੇ ਸਤਲੁਜ ਯਮੁਨਾ ਲਿੰਕ ਨਹਿਰ ਦੇ ਮੁੱਦੇ ਉੱਤੇ ਗੱਲਬਾਤ ਕੀਤੀ। ਪੰਜਾਬ ਦੇ ਮੁੱਖ ਮੰਤਰੀ ਨੇ ਸਪੱਸ਼ਟ ਕੀਤਾ ਕਿ ਸੂਬੇ ਕੋਲ ਕਿਸੇ ਹੋਰ ਸੂਬੇ ਨੂੰ ਦੇਣ ਲਈ ਵਾਧੂ ਪਾਣੀ ਨਹੀਂ ਹੈ ਅਤੇ ਧਰਤੀ ਹੇਠਲਾ ਪਾਣੀ ਖ਼ਤਰਨਾਕ ਪੱਧਰ ਤੱਕ ਥੱਲੇ ਜਾ ਚੁੱਕਾ ਹੈ। ਉਨ੍ਹਾਂ ਕਿਹਾ ਕਿ ਪਾਣੀਆਂ ਦੀ ਮੁੜ ਨਿਰਧਾਰਨ ਲਈ ਨਵਾਂ ਟ੍ਰਿਬਿਊਨਲ ਬਣਾਇਆ ਜਾਣਾ ਚਾਹੀਦਾ ਹੈ। ਹਰਿਆਣਾ ਦੇ ਮੁੱਖ ਮੰਤਰੀ ਨੇ ਸੁਪਰੀਮ ਕੋਰਟ ਦੇ ਫ਼ੈਸਲੇ ਨੂੰ ਲਾਗੂ ਕਰਨ ਦੀ ਮੰਗ ਦੁਹਰਾਈ। ਮੀਟਿੰਗ ਬਿਨਾਂ ਕਿਸੇ ਠੋਸ ਨਤੀਜੇ ਦੇ ਖ਼ਤਮ ਹੋਈ ਅਤੇ ਅਗਲੀ ਮੀਟਿੰਗ ਜਲਦ ਕਰਨ ਦਾ ਫ਼ੈਸਲਾ ਕੀਤਾ ਗਿਆ।

ਕੇਂਦਰੀ ਜਲ ਸ਼ਕਤੀ ਮੰਤਰੀ ਨੇ ਪੰਜਾਬ ਅਤੇ ਹਰਿਆਣਾ ਦੇ ਮੁੱਖ ਮੰਤਰੀਆਂ ਨਾਲ ਮੀਟਿੰਗ ਕਰਕੇ ਸਤਲੁਜ ਯਮੁਨਾ ਲਿੰਕ ਨਹਿਰ ਦੇ ਮੁੱਦੇ ਉੱਤੇ ਗੱਲਬਾਤ ਕੀਤੀ। ਪੰਜਾਬ ਦੇ ਮੁੱਖ ਮੰਤਰੀ ਨੇ ਸਪੱਸ਼ਟ ਕੀਤਾ ਕਿ ਸੂਬੇ ਕੋਲ ਕਿਸੇ ਹੋਰ ਸੂਬੇ ਨੂੰ ਦੇਣ ਲਈ ਵਾਧੂ ਪਾਣੀ ਨਹੀਂ ਹੈ ਅਤੇ ਧਰਤੀ ਹੇਠਲਾ ਪਾਣੀ ਖ਼ਤਰਨਾਕ ਪੱਧਰ ਤੱਕ ਥੱਲੇ ਜਾ ਚੁੱਕਾ ਹੈ। ਉਨ੍ਹਾਂ ਕਿਹਾ ਕਿ ਪਾਣੀਆਂ ਦੀ ਮੁੜ ਨਿਰਧਾਰਨ ਲਈ ਨਵਾਂ ਟ੍ਰਿਬਿਊਨਲ ਬਣਾਇਆ ਜਾਣਾ ਚਾਹੀਦਾ ਹੈ। ਹਰਿਆਣਾ ਦੇ ਮੁੱਖ ਮੰਤਰੀ ਨੇ ਸੁਪਰੀਮ ਕੋਰਟ ਦੇ ਫ਼ੈਸਲੇ ਨੂੰ ਲਾਗੂ ਕਰਨ ਦੀ ਮੰਗ ਦੁਹਰਾਈ। ਮੀਟਿੰਗ ਬਿਨਾਂ ਕਿਸੇ ਠੋਸ ਨਤੀਜੇ ਦੇ ਖ਼ਤਮ ਹੋਈ ਅਤੇ ਅਗਲੀ ਮੀਟਿੰਗ ਜਲਦ ਕਰਨ ਦਾ ਫ਼ੈਸਲਾ ਕੀਤਾ ਗਿਆ।

● ● ●
ਰਾਹੁਲ ਗਾਂਧੀ ਵੱਲੋਂ ਕੇਂਦਰ ...

ਲੋਕ ਸਭਾ ਵਿੱਚ ਵਿਰੋਧੀ ਧਿਰ ਦੇ ਆਗੂ ਰਾਹੁਲ ਗਾਂਧੀ ਨੇ ਕੇਂਦਰ ਸਰਕਾਰ ਦੀਆਂ ਆਰਥਿਕ ਨੀਤੀਆਂ ਉੱਤੇ ਸਵਾਲ ਚੁੱਕਦਿਆਂ ਕਿਹਾ ਕਿ ਬੇਰੁਜ਼ਗਾਰੀ ਅਤੇ ਮਹਿੰਗਾਈ ਨੇ ਆਮ ਆਦਮੀ ਦਾ ਜਿਊਣਾ ਮੁਸ਼ਕਲ ਕਰ ਦਿੱਤਾ ਹੈ। ਉਨ੍ਹਾਂ ਕਿਹਾ ਕਿ ਸਰਕਾਰ ਕੁਝ ਚੋਣਵੇਂ ਉਦਯੋਗਪਤੀਆਂ ਦੇ ਹਿੱਤਾਂ ਲਈ ਕੰਮ ਕਰ ਰਹੀ ਹੈ।

ਲੋਕ ਸਭਾ ਵਿੱਚ ਵਿਰੋਧੀ ਧਿਰ ਦੇ ਆਗੂ ਰਾਹੁਲ ਗਾਂਧੀ ਨੇ ਕੇਂਦਰ ਸਰਕਾਰ ਦੀਆਂ ਆਰਥਿਕ ਨੀਤੀਆਂ ਉੱਤੇ ਸਵਾਲ ਚੁੱਕਦਿਆਂ ਕਿਹਾ ਕਿ ਬੇਰੁਜ਼ਗਾਰੀ ਅਤੇ ਮਹਿੰਗਾਈ ਨੇ ਆਮ ਆਦਮੀ ਦਾ ਜਿਊਣਾ ਮੁਸ਼ਕਲ ਕਰ ਦਿੱਤਾ ਹੈ। ਉਨ੍ਹਾਂ ਕਿਹਾ ਕਿ ਸਰਕਾਰ ਕੁਝ ਚੋਣਵੇਂ ਉਦਯੋਗਪਤੀਆਂ ਦੇ ਹਿੱਤਾਂ ਲਈ ਕੰਮ ਕਰ ਰਹੀ ਹੈ।

● ● ●
ਦੋ ਦਿਨਾਂ ਦੇ ਦੌਰੇ 'ਤੇ ...

ਵਿਦੇਸ਼ ਮੰਤਰੀ ਦੋ ਦਿਨਾਂ ਦੇ ਸਰਕਾਰੀ ਦੌਰੇ ਉੱਤੇ ਰਵਾਨਾ ਹੋਏ ਜਿੱਥੇ ਉਹ ਦੁਵੱਲੇ ਸਬੰਧਾਂ, ਵਪਾਰ ਅਤੇ ਰੱਖਿਆ ਸਹਿਯੋਗ ਬਾਰੇ ਉੱਚ ਪੱਧਰੀ ਗੱਲਬਾਤ ਕਰਨਗੇ। ਦੌਰੇ ਦੌਰਾਨ ਕਈ ਸਮਝੌਤਿਆਂ ਉੱਤੇ ਦਸਤਖ਼ਤ ਹੋਣ ਦੀ ਸੰਭਾਵਨਾ ਹੈ ਅਤੇ ਉਹ ਪ੍ਰਵਾਸੀ ਭਾਰਤੀਆਂ ਦੇ ਇਕੱਠ ਨੂੰ ਵੀ ਸੰਬੋਧਨ ਕਰਨਗੇ।

ਵਿਦੇਸ਼ ਮੰਤਰੀ ਦੋ ਦਿਨਾਂ ਦੇ ਸਰਕਾਰੀ ਦੌਰੇ ਉੱਤੇ ਰਵਾਨਾ ਹੋਏ ਜਿੱਥੇ ਉਹ ਦੁਵੱਲੇ ਸਬੰਧਾਂ, ਵਪਾਰ ਅਤੇ ਰੱਖਿਆ ਸਹਿਯੋਗ ਬਾਰੇ ਉੱਚ ਪੱਧਰੀ ਗੱਲਬਾਤ ਕਰਨਗੇ। ਦੌਰੇ ਦੌਰਾਨ ਕਈ ਸਮਝੌਤਿਆਂ ਉੱਤੇ ਦਸਤਖ਼ਤ ਹੋਣ ਦੀ ਸੰਭਾਵਨਾ ਹੈ ਅਤੇ ਉਹ ਪ੍ਰਵਾਸੀ ਭਾਰਤੀਆਂ ਦੇ ਇਕੱਠ ਨੂੰ ਵੀ ਸੰਬੋਧਨ ਕਰਨਗੇ।

ਵਿਦੇਸ਼ ਮੰਤਰੀ ਦੋ ਦਿਨਾਂ ਦੇ ਸਰਕਾਰੀ ਦੌਰੇ ਉੱਤੇ ਰਵਾਨਾ ਹੋਏ ਜਿੱਥੇ ਉਹ ਦੁਵੱਲੇ ਸਬੰਧਾਂ, ਵਪਾਰ ਅਤੇ ਰੱਖਿਆ ਸਹਿਯੋਗ ਬਾਰੇ ਉੱਚ ਪੱਧਰੀ ਗੱਲਬਾਤ ਕਰਨਗੇ। ਦੌਰੇ ਦੌਰਾਨ ਕਈ ਸਮਝੌਤਿਆਂ ਉੱਤੇ ਦਸਤਖ਼ਤ ਹੋਣ ਦੀ ਸੰਭਾਵਨਾ ਹੈ ਅਤੇ ਉਹ ਪ੍ਰਵਾਸੀ ਭਾਰਤੀਆਂ ਦੇ ਇਕੱਠ ਨੂੰ ਵੀ ਸੰਬੋਧਨ ਕਰਨਗੇ।

● ● ●
ਮਜੀਠੀਆ ਦੇ ਵਕੀਲ ਦੀ...

ਸਾਬਕਾ ਮੰਤਰੀ ਬਿਕਰਮ ਸਿੰਘ ਮਜੀਠੀਆ ਦੇ ਵਕੀਲ ਨੇ ਅਦਾਲਤ ਵਿੱਚ ਦਲੀਲ ਦਿੱਤੀ ਕਿ ਉਨ੍ਹਾਂ ਦੇ ਮੁਵੱਕਿਲ ਵਿਰੁੱਧ ਦਰਜ ਕੇਸ ਸਿਆਸੀ ਬਦਲਾਖੋਰੀ ਤਹਿਤ ਬਣਾਇਆ ਗਿਆ ਹੈ। ਵਕੀਲ ਨੇ ਕਿਹਾ ਕਿ ਜਾਂਚ ਏਜੰਸੀ ਕੋਲ ਕੋਈ ਠੋਸ ਸਬੂਤ ਨਹੀਂ ਹੈ ਅਤੇ ਪਹਿਲਾਂ ਵੀ ਇਸੇ ਤਰ੍ਹਾਂ ਦੇ ਦੋਸ਼ ਅਦਾਲਤ ਵਿੱਚ ਟਿਕ ਨਹੀਂ ਸਕੇ। ਅਦਾਲਤ ਨੇ ਦੋਵਾਂ ਧਿਰਾਂ ਦੀਆਂ ਦਲੀਲਾਂ ਸੁਣਨ ਮਗਰੋਂ ਅਗਲੀ ਸੁਣਵਾਈ ਦੀ ਤਰੀਕ ਨਿਰਧਾਰਤ ਕਰ ਦਿੱਤੀ ਹੈ। ਇਸ ਦੌਰਾਨ ਅਕਾਲੀ ਦਲ ਦੇ ਵਰਕਰਾਂ ਨੇ ਅਦਾਲਤ ਦੇ ਬਾਹਰ ਇਕੱਠ ਕਰਕੇ ਸਰਕਾਰ ਵਿਰੁੱਧ ਨਾਅਰੇਬਾਜ਼ੀ ਕੀਤੀ ਅਤੇ ਕਿਹਾ ਕਿ ਉਹ ਕਾਨੂੰਨੀ ਲੜਾਈ ਲੜਨਗੇ। ਵਕੀਲ ਨੇ ਇਹ ਵੀ ਦੱਸਿਆ ਕਿ ਜ਼ਮਾਨਤ ਦੀ ਅਰਜ਼ੀ ਉੱਤੇ ਜਲਦ ਸੁਣਵਾਈ ਲਈ ਉੱਚ ਅਦਾਲਤ ਦਾ ਰੁਖ਼ ਕੀਤਾ ਜਾਵੇਗਾ।

ਸਾਬਕਾ ਮੰਤਰੀ ਬਿਕਰਮ ਸਿੰਘ ਮਜੀਠੀਆ ਦੇ ਵਕੀਲ ਨੇ ਅਦਾਲਤ ਵਿੱਚ ਦਲੀਲ ਦਿੱਤੀ ਕਿ ਉਨ੍ਹਾਂ ਦੇ ਮੁਵੱਕਿਲ ਵਿਰੁੱਧ ਦਰਜ ਕੇਸ ਸਿਆਸੀ ਬਦਲਾਖੋਰੀ ਤਹਿਤ ਬਣਾਇਆ ਗਿਆ ਹੈ। ਵਕੀਲ ਨੇ ਕਿਹਾ ਕਿ ਜਾਂਚ ਏਜੰਸੀ ਕੋਲ ਕੋਈ ਠੋਸ ਸਬੂਤ ਨਹੀਂ ਹੈ ਅਤੇ ਪਹਿਲਾਂ ਵੀ ਇਸੇ ਤਰ੍ਹਾਂ ਦੇ ਦੋਸ਼ ਅਦਾਲਤ ਵਿੱਚ ਟਿਕ ਨਹੀਂ ਸਕੇ। ਅਦਾਲਤ ਨੇ ਦੋਵਾਂ ਧਿਰਾਂ ਦੀਆਂ ਦਲੀਲਾਂ ਸੁਣਨ ਮਗਰੋਂ ਅਗਲੀ ਸੁਣਵਾਈ ਦੀ ਤਰੀਕ ਨਿਰਧਾਰਤ ਕਰ ਦਿੱਤੀ ਹੈ। ਇਸ ਦੌਰਾਨ ਅਕਾਲੀ ਦਲ ਦੇ ਵਰਕਰਾਂ ਨੇ ਅਦਾਲਤ ਦੇ ਬਾਹਰ ਇਕੱਠ ਕਰਕੇ ਸਰਕਾਰ ਵਿਰੁੱਧ ਨਾਅਰੇਬਾਜ਼ੀ ਕੀਤੀ ਅਤੇ ਕਿਹਾ ਕਿ ਉਹ ਕਾਨੂੰਨੀ ਲੜਾਈ ਲੜਨਗੇ। ਵਕੀਲ ਨੇ ਇਹ ਵੀ ਦੱਸਿਆ ਕਿ ਜ਼ਮਾਨਤ ਦੀ ਅਰਜ਼ੀ ਉੱਤੇ ਜਲਦ ਸੁਣਵਾਈ ਲਈ ਉੱਚ ਅਦਾਲਤ ਦਾ ਰੁਖ਼ ਕੀਤਾ ਜਾਵੇਗਾ।

● ● ●
ਹਿਮਾਚਲ 'ਚ ਮੀਂਹ ਤੇ ...

ਹਿਮਾਚਲ ਪ੍ਰਦੇਸ਼ ਵਿੱਚ ਭਾਰੀ ਮੀਂਹ ਕਾਰਨ ਕਈ ਥਾਵਾਂ ਉੱਤੇ ਜ਼ਮੀਨ ਖਿਸਕਣ ਦੀਆਂ ਘਟਨਾਵਾਂ ਵਾਪਰੀਆਂ ਹਨ ਅਤੇ ਕਈ ਸੜਕਾਂ ਆਵਾਜਾਈ ਲਈ ਬੰਦ ਹੋ ਗਈਆਂ ਹਨ। ਮੌਸਮ ਵਿਭਾਗ ਨੇ ਅਗਲੇ 72 ਘੰਟਿਆਂ ਲਈ ਭਾਰੀ ਮੀਂਹ ਦੀ ਚਿਤਾਵਨੀ ਜਾਰੀ ਕੀਤੀ ਹੈ। ਪ੍ਰਸ਼ਾਸਨ ਨੇ ਸੈਲਾਨੀਆਂ ਨੂੰ ਨਦੀਆਂ ਨਾਲਿਆਂ ਤੋਂ ਦੂਰ ਰਹਿਣ ਦੀ ਅਪੀਲ ਕੀਤੀ ਹੈ।

ਹਿਮਾਚਲ ਪ੍ਰਦੇਸ਼ ਵਿੱਚ ਭਾਰੀ ਮੀਂਹ ਕਾਰਨ ਕਈ ਥਾਵਾਂ ਉੱਤੇ ਜ਼ਮੀਨ ਖਿਸਕਣ ਦੀਆਂ ਘਟਨਾਵਾਂ ਵਾਪਰੀਆਂ ਹਨ ਅਤੇ ਕਈ ਸੜਕਾਂ ਆਵਾਜਾਈ ਲਈ ਬੰਦ ਹੋ ਗਈਆਂ ਹਨ। ਮੌਸਮ ਵਿਭਾਗ ਨੇ ਅਗਲੇ 72 ਘੰਟਿਆਂ ਲਈ ਭਾਰੀ ਮੀਂਹ ਦੀ ਚਿਤਾਵਨੀ ਜਾਰੀ ਕੀਤੀ ਹੈ। ਪ੍ਰਸ਼ਾਸਨ ਨੇ ਸੈਲਾਨੀਆਂ ਨੂੰ ਨਦੀਆਂ ਨਾਲਿਆਂ ਤੋਂ ਦੂਰ ਰਹਿਣ ਦੀ ਅਪੀਲ ਕੀਤੀ ਹੈ।

ਚੁੱਕੀ ਹੈ ਅਤੇ ਲਗਭਗ 30 ਲੱਖ ਲਾਪਤਾ ਹਨ। ਜੇਕਰ ਸਰਕਾਰ ਇਸ ਅੰਕੜੇ ਨੂੰ ਦਰਸਾਉਂਦੀ ਹੈ ਤਾਂ ਇਹ ਇੱਕ ਵੱਡਾ ਮਨੁੱਖੀ ਸੰਕਟ ਹੈ। ਸਰਕਾਰ ਨੂੰ ਸੱਚਾਈ ਲੋਕਾਂ ਸਾਹਮਣੇ ਰੱਖਣੀ ਚਾਹੀਦੀ ਹੈ।

● ● ●
ਗਰੀਬਾਂ ਦੀ ਗਿਣਤੀ ਵਧਦੀ ਜਾ ਰਹੀ ..

ਉਨ੍ਹਾਂ ਕਿਹਾ ਕਿ ਦੇਸ਼ ਵਿੱਚ ਗਰੀਬ ਅਤੇ ਅਮੀਰ ਵਿਚਕਾਰ ਪਾੜਾ ਲਗਾਤਾਰ ਵਧ ਰਿਹਾ ਹੈ। ਸਰਕਾਰੀ ਅੰਕੜਿਆਂ ਅਨੁਸਾਰ ਵੱਡੀ ਗਿਣਤੀ ਲੋਕ ਮੁਫ਼ਤ ਰਾਸ਼ਨ ਉੱਤੇ ਨਿਰਭਰ ਹਨ, ਜੋ ਇਹ ਦਰਸਾਉਂਦਾ ਹੈ ਕਿ ਆਰਥਿਕ ਵਿਕਾਸ ਦਾ ਲਾਭ ਆਮ ਲੋਕਾਂ ਤੱਕ ਨਹੀਂ ਪਹੁੰਚ ਰਿਹਾ। ਮਾਹਿਰਾਂ ਨੇ ਕਿਹਾ ਕਿ ਰੁਜ਼ਗਾਰ ਦੇ ਨਵੇਂ ਮੌਕੇ ਪੈਦਾ ਕੀਤੇ ਬਿਨਾਂ ਗਰੀਬੀ ਘਟਾਉਣਾ ਸੰਭਵ ਨਹੀਂ ਹੈ ਅਤੇ ਸਿੱਖਿਆ ਤੇ ਸਿਹਤ ਉੱਤੇ ਖ਼ਰਚਾ ਵਧਾਉਣਾ ਜ਼ਰੂਰੀ ਹੈ।

ਉਨ੍ਹਾਂ ਕਿਹਾ ਕਿ ਦੇਸ਼ ਵਿੱਚ ਗਰੀਬ ਅਤੇ ਅਮੀਰ ਵਿਚਕਾਰ ਪਾੜਾ ਲਗਾਤਾਰ ਵਧ ਰਿਹਾ ਹੈ। ਸਰਕਾਰੀ ਅੰਕੜਿਆਂ ਅਨੁਸਾਰ ਵੱਡੀ ਗਿਣਤੀ ਲੋਕ ਮੁਫ਼ਤ ਰਾਸ਼ਨ ਉੱਤੇ ਨਿਰਭਰ ਹਨ, ਜੋ ਇਹ ਦਰਸਾਉਂਦਾ ਹੈ ਕਿ ਆਰਥਿਕ ਵਿਕਾਸ ਦਾ ਲਾਭ ਆਮ ਲੋਕਾਂ ਤੱਕ ਨਹੀਂ ਪਹੁੰਚ ਰਿਹਾ। ਮਾਹਿਰਾਂ ਨੇ ਕਿਹਾ ਕਿ ਰੁਜ਼ਗਾਰ ਦੇ ਨਵੇਂ ਮੌਕੇ ਪੈਦਾ ਕੀਤੇ ਬਿਨਾਂ ਗਰੀਬੀ ਘਟਾਉਣਾ ਸੰਭਵ ਨਹੀਂ ਹੈ ਅਤੇ ਸਿੱਖਿਆ ਤੇ ਸਿਹਤ ਉੱਤੇ ਖ਼ਰਚਾ ਵਧਾਉਣਾ ਜ਼ਰੂਰੀ ਹੈ।

● ● ●
ਪੰਜਾਬ ਵਿਧਾਨ ਸਭਾ ਦਾ..

ਪੰਜਾਬ ਸਰਕਾਰ ਵੱਲੋਂ ਵਿਧਾਨ ਸਭਾ ਦਾ ਵਿਸ਼ੇਸ਼ ਇਜਲਾਸ ਸੱਦਿਆ ਗਿਆ ਹੈ ਜਿਸ ਵਿੱਚ ਬੇਅਦਬੀ ਵਿਰੋਧੀ ਬਿੱਲ ਸਮੇਤ ਕਈ ਅਹਿਮ ਬਿੱਲ ਪੇਸ਼ ਕੀਤੇ ਜਾਣਗੇ। ਸੂਤਰਾਂ ਅਨੁਸਾਰ ਸਰਕਾਰ ਸਰਬ ਪਾਰਟੀ ਮੀਟਿੰਗ ਬੁਲਾਉਣ ਉੱਤੇ ਵੀ ਵਿਚਾਰ ਕਰ ਰਹੀ ਹੈ। ਵਿਰੋਧੀ ਧਿਰ ਨੇ ਮੰਗ ਕੀਤੀ ਹੈ ਕਿ ਇਜਲਾਸ ਦੀ ਮਿਆਦ ਵਧਾਈ ਜਾਵੇ ਤਾਂ ਜੋ ਲੋਕ ਮੁੱਦਿਆਂ ਉੱਤੇ ਖੁੱਲ੍ਹੀ ਬਹਿਸ ਹੋ ਸਕੇ। ਸਪੀਕਰ ਨੇ ਸਾਰੀਆਂ ਪਾਰਟੀਆਂ ਨੂੰ ਸਦਨ ਦੀ ਕਾਰਵਾਈ ਸੁਚਾਰੂ ਢੰਗ ਨਾਲ ਚਲਾਉਣ ਵਿੱਚ ਸਹਿਯੋਗ ਦੇਣ ਦੀ ਅਪੀਲ ਕੀਤੀ।

ਪੰਜਾਬ ਸਰਕਾਰ ਵੱਲੋਂ ਵਿਧਾਨ ਸਭਾ ਦਾ ਵਿਸ਼ੇਸ਼ ਇਜਲਾਸ ਸੱਦਿਆ ਗਿਆ ਹੈ ਜਿਸ ਵਿੱਚ ਬੇਅਦਬੀ ਵਿਰੋਧੀ ਬਿੱਲ ਸਮੇਤ ਕਈ ਅਹਿਮ ਬਿੱਲ ਪੇਸ਼ ਕੀਤੇ ਜਾਣਗੇ। ਸੂਤਰਾਂ ਅਨੁਸਾਰ ਸਰਕਾਰ ਸਰਬ ਪਾਰਟੀ ਮੀਟਿੰਗ ਬੁਲਾਉਣ ਉੱਤੇ ਵੀ ਵਿਚਾਰ ਕਰ ਰਹੀ ਹੈ। ਵਿਰੋਧੀ ਧਿਰ ਨੇ ਮੰਗ ਕੀਤੀ ਹੈ ਕਿ ਇਜਲਾਸ ਦੀ ਮਿਆਦ ਵਧਾਈ ਜਾਵੇ ਤਾਂ ਜੋ ਲੋਕ ਮੁੱਦਿਆਂ ਉੱਤੇ ਖੁੱਲ੍ਹੀ ਬਹਿਸ ਹੋ ਸਕੇ। ਸਪੀਕਰ ਨੇ ਸਾਰੀਆਂ ਪਾਰਟੀਆਂ ਨੂੰ ਸਦਨ ਦੀ ਕਾਰਵਾਈ ਸੁਚਾਰੂ ਢੰਗ ਨਾਲ ਚਲਾਉਣ ਵਿੱਚ ਸਹਿਯੋਗ ਦੇਣ ਦੀ ਅਪੀਲ ਕੀਤੀ।

● ● ●
ਪਿੰਡ ਚੰਨਣਕੇ ਵਿਖੇ ...

ਪਿੰਡ ਚੰਨਣਕੇ ਵਿਖੇ ਸਮੂਹ ਨਗਰ ਨਿਵਾਸੀਆਂ ਦੇ ਸਹਿਯੋਗ ਨਾਲ ਧਾਰਮਿਕ ਸਮਾਗਮ ਕਰਵਾਇਆ ਗਿਆ ਅਤੇ ਨੌਜਵਾਨਾਂ ਨੂੰ ਨਸ਼ਿਆਂ ਤੋਂ ਦੂਰ ਰਹਿਣ ਦੀ ਪ੍ਰੇਰਨਾ ਦਿੱਤੀ ਗਈ।

ਪਿੰਡ ਚੰਨਣਕੇ ਵਿਖੇ ਸਮੂਹ ਨਗਰ ਨਿਵਾਸੀਆਂ ਦੇ ਸਹਿਯੋਗ ਨਾਲ ਧਾਰਮਿਕ ਸਮਾਗਮ ਕਰਵਾਇਆ ਗਿਆ ਅਤੇ ਨੌਜਵਾਨਾਂ ਨੂੰ ਨਸ਼ਿਆਂ ਤੋਂ ਦੂਰ ਰਹਿਣ ਦੀ ਪ੍ਰੇਰਨਾ ਦਿੱਤੀ ਗਈ।

● ● ●
ਸਾਬਕਾ ਐਮ. ਪੀ. ਰਾਜਦੇਵ ...

ਸਾਬਕਾ ਐਮ. ਪੀ. ਰਾਜਦੇਵ ਸਿੰਘ ਖ਼ਾਲਸਾ ਨੇ ਕਿਹਾ ਕਿ ਪੰਥਕ ਏਕਤਾ ਸਮੇਂ ਦੀ ਮੁੱਖ ਲੋੜ ਹੈ ਅਤੇ ਸਾਰੀਆਂ ਧਿਰਾਂ ਨੂੰ ਨਿੱਜੀ ਹਿੱਤਾਂ ਤੋਂ ਉੱਪਰ ਉੱਠ ਕੇ ਕੌਮ ਦੇ ਭਲੇ ਲਈ ਇਕੱਠੇ ਹੋਣਾ ਚਾਹੀਦਾ ਹੈ। ਉਨ੍ਹਾਂ ਕਿਹਾ ਕਿ ਸ਼੍ਰੋਮਣੀ ਅਕਾਲੀ ਦਲ ਦੀ ਮੁੜ ਸੁਰਜੀਤੀ ਲਈ ਬਣਾਈ ਗਈ ਕਮੇਟੀ ਦੇ ਕੰਮਕਾਜ ਨੂੰ ਪਾਰਦਰਸ਼ੀ ਬਣਾਇਆ ਜਾਣਾ ਚਾਹੀਦਾ ਹੈ ਅਤੇ ਭਰਤੀ ਮੁਹਿੰਮ ਵਿੱਚ ਜ਼ਮੀਨੀ ਪੱਧਰ ਦੇ ਵਰਕਰਾਂ ਨੂੰ ਸ਼ਾਮਲ ਕੀਤਾ ਜਾਵੇ। ਉਨ੍ਹਾਂ ਨੇ ਨੌਜਵਾਨਾਂ ਨੂੰ ਪੰਥਕ ਸਿਆਸਤ ਵਿੱਚ ਅੱਗੇ ਆਉਣ ਦਾ ਸੱਦਾ ਦਿੱਤਾ ਅਤੇ ਕਿਹਾ ਕਿ ਨਵੀਂ ਲੀਡਰਸ਼ਿਪ ਹੀ ਕੌਮ ਨੂੰ ਨਵੀਂ ਦਿਸ਼ਾ ਦੇ ਸਕਦੀ ਹੈ।

ਸਾਬਕਾ ਐਮ. ਪੀ. ਰਾਜਦੇਵ ਸਿੰਘ ਖ਼ਾਲਸਾ ਨੇ ਕਿਹਾ ਕਿ ਪੰਥਕ ਏਕਤਾ ਸਮੇਂ ਦੀ ਮੁੱਖ ਲੋੜ ਹੈ ਅਤੇ ਸਾਰੀਆਂ ਧਿਰਾਂ ਨੂੰ ਨਿੱਜੀ ਹਿੱਤਾਂ ਤੋਂ ਉੱਪਰ ਉੱਠ ਕੇ ਕੌਮ ਦੇ ਭਲੇ ਲਈ ਇਕੱਠੇ ਹੋਣਾ ਚਾਹੀਦਾ ਹੈ। ਉਨ੍ਹਾਂ ਕਿਹਾ ਕਿ ਸ਼੍ਰੋਮਣੀ ਅਕਾਲੀ ਦਲ ਦੀ ਮੁੜ ਸੁਰਜੀਤੀ ਲਈ ਬਣਾਈ ਗਈ ਕਮੇਟੀ ਦੇ ਕੰਮਕਾਜ ਨੂੰ ਪਾਰਦਰਸ਼ੀ ਬਣਾਇਆ ਜਾਣਾ ਚਾਹੀਦਾ ਹੈ ਅਤੇ ਭਰਤੀ ਮੁਹਿੰਮ ਵਿੱਚ ਜ਼ਮੀਨੀ ਪੱਧਰ ਦੇ ਵਰਕਰਾਂ ਨੂੰ ਸ਼ਾਮਲ ਕੀਤਾ ਜਾਵੇ। ਉਨ੍ਹਾਂ ਨੇ ਨੌਜਵਾਨਾਂ ਨੂੰ ਪੰਥਕ ਸਿਆਸਤ ਵਿੱਚ ਅੱਗੇ ਆਉਣ ਦਾ ਸੱਦਾ ਦਿੱਤਾ ਅਤੇ ਕਿਹਾ ਕਿ ਨਵੀਂ ਲੀਡਰਸ਼ਿਪ ਹੀ ਕੌਮ ਨੂੰ ਨਵੀਂ ਦਿਸ਼ਾ ਦੇ ਸਕਦੀ ਹੈ।

● ● ●
ਹੁਕਮਨਾਮਿਆਂ ਦਾ ਰੌਲ਼ਾ ...

ਜਥੇਦਾਰ ਦੇ ਤੌਰ 'ਤੇ ਲਏ ਫ਼ੈਸਲਿਆਂ ਅਤੇ ਜਾਰੀ ਹੁਕਮਨਾਮਿਆਂ ਨੂੰ ਲੈ ਕੇ ਪੰਥਕ ਹਲਕਿਆਂ ਵਿੱਚ ਵਿਵਾਦ ਲਗਾਤਾਰ ਜਾਰੀ ਹੈ। ਵਿਦਵਾਨਾਂ ਨੇ ਕਿਹਾ ਕਿ ਹੁਕਮਨਾਮੇ ਗੁਰਮਤਿ ਸਿਧਾਂਤਾਂ ਅਨੁਸਾਰ ਹੀ ਜਾਰੀ ਹੋਣੇ ਚਾਹੀਦੇ ਹਨ।

ਜਥੇਦਾਰ ਦੇ ਤੌਰ 'ਤੇ ਲਏ ਫ਼ੈਸਲਿਆਂ ਅਤੇ ਜਾਰੀ ਹੁਕਮਨਾਮਿਆਂ ਨੂੰ ਲੈ ਕੇ ਪੰਥਕ ਹਲਕਿਆਂ ਵਿੱਚ ਵਿਵਾਦ ਲਗਾਤਾਰ ਜਾਰੀ ਹੈ। ਵਿਦਵਾਨਾਂ ਨੇ ਕਿਹਾ ਕਿ ਹੁਕਮਨਾਮੇ ਗੁਰਮਤਿ ਸਿਧਾਂਤਾਂ ਅਨੁਸਾਰ ਹੀ ਜਾਰੀ ਹੋਣੇ ਚਾਹੀਦੇ ਹਨ।

● ● ●
ਭਾਈ ਗਜਿੰਦਰ ਸਿੰਘ ਅਤੇ ...

ਸਾਬਕਾ ਜਲਾਵਤਨ ਯੋਧੇ ਭਾਈ ਗਜਿੰਦਰ ਸਿੰਘ ਦੀ ਯਾਦ ਵਿੱਚ ਸ਼ਰਧਾਂਜਲੀ ਸਮਾਗਮ ਕਰਵਾਇਆ ਗਿਆ ਜਿਸ ਵਿੱਚ ਵੱਖ ਵੱਖ ਪੰਥਕ ਜਥੇਬੰਦੀਆਂ ਦੇ ਆਗੂਆਂ ਨੇ ਹਾਜ਼ਰੀ ਭਰੀ। ਬੁਲਾਰਿਆਂ ਨੇ ਕਿਹਾ ਕਿ ਭਾਈ ਸਾਹਿਬ ਨੇ ਸਾਰੀ ਉਮਰ ਕੌਮ ਦੀ ਆਜ਼ਾਦੀ ਲਈ ਸੰਘਰਸ਼ ਕੀਤਾ ਅਤੇ ਜਲਾਵਤਨੀ ਦੌਰਾਨ ਵੀ ਆਪਣੇ ਅਸੂਲਾਂ ਨਾਲ ਸਮਝੌਤਾ ਨਹੀਂ ਕੀਤਾ। ਉਨ੍ਹਾਂ ਦੀਆਂ ਲਿਖਤਾਂ ਅਤੇ ਕਵਿਤਾਵਾਂ ਅੱਜ ਵੀ ਨੌਜਵਾਨਾਂ ਲਈ ਪ੍ਰੇਰਨਾ ਦਾ ਸਰੋਤ ਹਨ। ਸਮਾਗਮ ਵਿੱਚ ਉਨ੍ਹਾਂ ਦੇ ਸਾਥੀਆਂ ਅਤੇ ਪਰਿਵਾਰਕ ਮੈਂਬਰਾਂ ਨੂੰ ਸਨਮਾਨਿਤ ਕੀਤਾ ਗਿਆ ਅਤੇ ਉਨ੍ਹਾਂ ਦੀ ਯਾਦ ਨੂੰ ਸਦੀਵੀ ਬਣਾਉਣ ਲਈ ਯਾਦਗਾਰ ਉਸਾਰਨ ਦਾ ਐਲਾਨ ਕੀਤਾ ਗਿਆ।

ਸਾਬਕਾ ਜਲਾਵਤਨ ਯੋਧੇ ਭਾਈ ਗਜਿੰਦਰ ਸਿੰਘ ਦੀ ਯਾਦ ਵਿੱਚ ਸ਼ਰਧਾਂਜਲੀ ਸਮਾਗਮ ਕਰਵਾਇਆ ਗਿਆ ਜਿਸ ਵਿੱਚ ਵੱਖ ਵੱਖ ਪੰਥਕ ਜਥੇਬੰਦੀਆਂ ਦੇ ਆਗੂਆਂ ਨੇ ਹਾਜ਼ਰੀ ਭਰੀ। ਬੁਲਾਰਿਆਂ ਨੇ ਕਿਹਾ ਕਿ ਭਾਈ ਸਾਹਿਬ ਨੇ ਸਾਰੀ ਉਮਰ ਕੌਮ ਦੀ ਆਜ਼ਾਦੀ ਲਈ ਸੰਘਰਸ਼ ਕੀਤਾ ਅਤੇ ਜਲਾਵਤਨੀ ਦੌਰਾਨ ਵੀ ਆਪਣੇ ਅਸੂਲਾਂ ਨਾਲ ਸਮਝੌਤਾ ਨਹੀਂ ਕੀਤਾ। ਉਨ੍ਹਾਂ ਦੀਆਂ ਲਿਖਤਾਂ ਅਤੇ ਕਵਿਤਾਵਾਂ ਅੱਜ ਵੀ ਨੌਜਵਾਨਾਂ ਲਈ ਪ੍ਰੇਰਨਾ ਦਾ ਸਰੋਤ ਹਨ। ਸਮਾਗਮ ਵਿੱਚ ਉਨ੍ਹਾਂ ਦੇ ਸਾਥੀਆਂ ਅਤੇ ਪਰਿਵਾਰਕ ਮੈਂਬਰਾਂ ਨੂੰ ਸਨਮਾਨਿਤ ਕੀਤਾ ਗਿਆ ਅਤੇ ਉਨ੍ਹਾਂ ਦੀ ਯਾਦ ਨੂੰ ਸਦੀਵੀ ਬਣਾਉਣ ਲਈ ਯਾਦਗਾਰ ਉਸਾਰਨ ਦਾ ਐਲਾਨ ਕੀਤਾ ਗਿਆ।

ਸਾਬਕਾ ਜਲਾਵਤਨ ਯੋਧੇ ਭਾਈ ਗਜਿੰਦਰ ਸਿੰਘ ਦੀ ਯਾਦ ਵਿੱਚ ਸ਼ਰਧਾਂਜਲੀ ਸਮਾਗਮ ਕਰਵਾਇਆ ਗਿਆ ਜਿਸ ਵਿੱਚ ਵੱਖ ਵੱਖ ਪੰਥਕ ਜਥੇਬੰਦੀਆਂ ਦੇ ਆਗੂਆਂ ਨੇ ਹਾਜ਼ਰੀ ਭਰੀ। ਬੁਲਾਰਿਆਂ ਨੇ ਕਿਹਾ ਕਿ ਭਾਈ ਸਾਹਿਬ ਨੇ ਸਾਰੀ ਉਮਰ ਕੌਮ ਦੀ ਆਜ਼ਾਦੀ ਲਈ ਸੰਘਰਸ਼ ਕੀਤਾ ਅਤੇ ਜਲਾਵਤਨੀ ਦੌਰਾਨ ਵੀ ਆਪਣੇ ਅਸੂਲਾਂ ਨਾਲ ਸਮਝੌਤਾ ਨਹੀਂ ਕੀਤਾ। ਉਨ੍ਹਾਂ ਦੀਆਂ ਲਿਖਤਾਂ ਅਤੇ ਕਵਿਤਾਵਾਂ ਅੱਜ ਵੀ ਨੌਜਵਾਨਾਂ ਲਈ ਪ੍ਰੇਰਨਾ ਦਾ ਸਰੋਤ ਹਨ। ਸਮਾਗਮ ਵਿੱਚ ਉਨ੍ਹਾਂ ਦੇ ਸਾਥੀਆਂ ਅਤੇ ਪਰਿਵਾਰਕ ਮੈਂਬਰਾਂ ਨੂੰ ਸਨਮਾਨਿਤ ਕੀਤਾ ਗਿਆ ਅਤੇ ਉਨ੍ਹਾਂ ਦੀ ਯਾਦ ਨੂੰ ਸਦੀਵੀ ਬਣਾਉਣ ਲਈ ਯਾਦਗਾਰ ਉਸਾਰਨ ਦਾ ਐਲਾਨ ਕੀਤਾ ਗਿਆ।

Editor, Printer and Publisher Rishabdeep Singh, Printed at: Impression Printing & Packaging (Ltd.) Plot No. 22 Phase-2 industrial Area Panchkula (Haryana) 134109 & Published From 3223, First Floor, Sector-35D, Chandigarh
